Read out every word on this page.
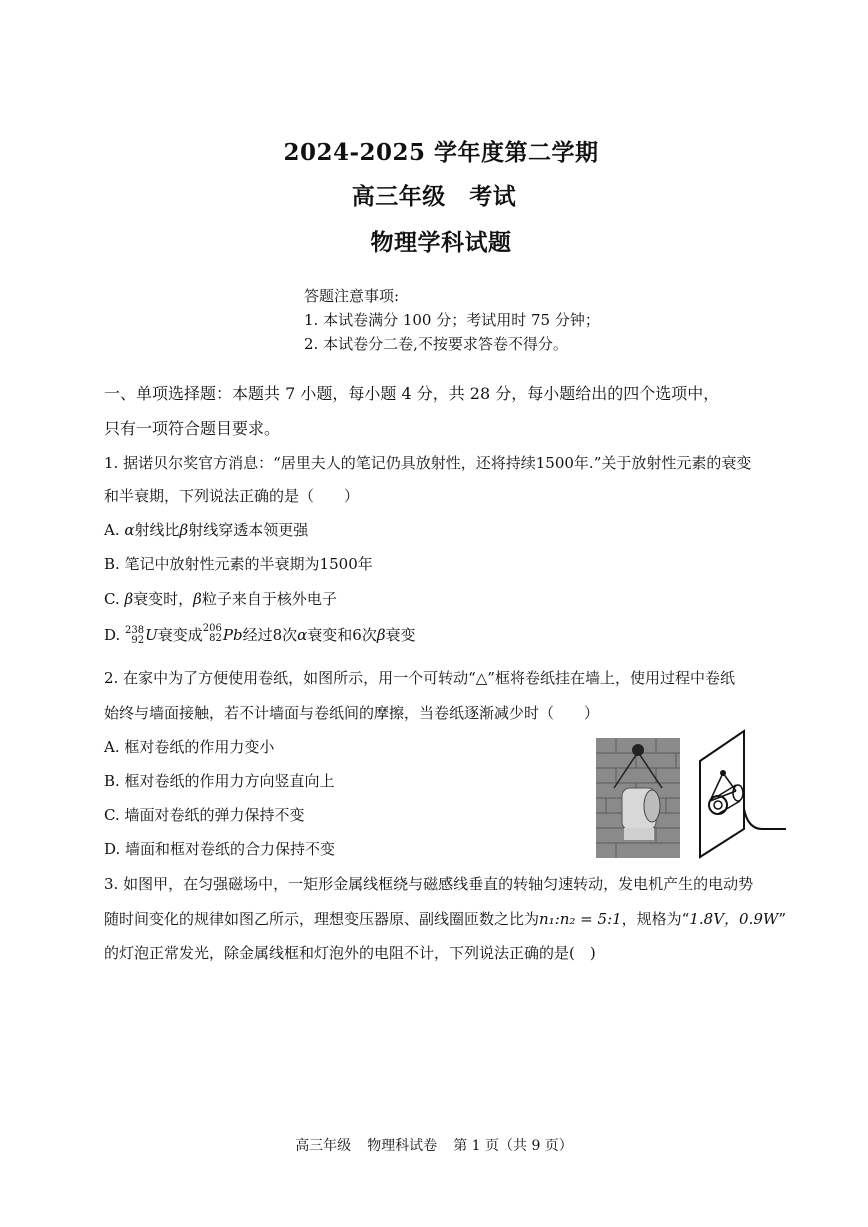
2024-2025 学年度第二学期
高三年级　考试
物理学科试题
答题注意事项:
1. 本试卷满分 100 分；考试用时 75 分钟；
2. 本试卷分二卷,不按要求答卷不得分。
一、单项选择题：本题共 7 小题，每小题 4 分，共 28 分，每小题给出的四个选项中，
只有一项符合题目要求。
1. 据诺贝尔奖官方消息：“居里夫人的笔记仍具放射性，还将持续1500年.”关于放射性元素的衰变
和半衰期，下列说法正确的是（　　）
A. α射线比β射线穿透本领更强
B. 笔记中放射性元素的半衰期为1500年
C. β衰变时，β粒子来自于核外电子
D. 238
92U衰变成206
82Pb经过8次α衰变和6次β衰变
2. 在家中为了方便使用卷纸，如图所示，用一个可转动“△”框将卷纸挂在墙上，使用过程中卷纸
始终与墙面接触，若不计墙面与卷纸间的摩擦，当卷纸逐渐减少时（　　）
A. 框对卷纸的作用力变小
B. 框对卷纸的作用力方向竖直向上
C. 墙面对卷纸的弹力保持不变
D. 墙面和框对卷纸的合力保持不变
3. 如图甲，在匀强磁场中，一矩形金属线框绕与磁感线垂直的转轴匀速转动，发电机产生的电动势
随时间变化的规律如图乙所示，理想变压器原、副线圈匝数之比为n₁:n₂ = 5:1，规格为“1.8V，0.9W”
的灯泡正常发光，除金属线框和灯泡外的电阻不计，下列说法正确的是(　)
高三年级 物理科试卷 第 1 页（共 9 页）
